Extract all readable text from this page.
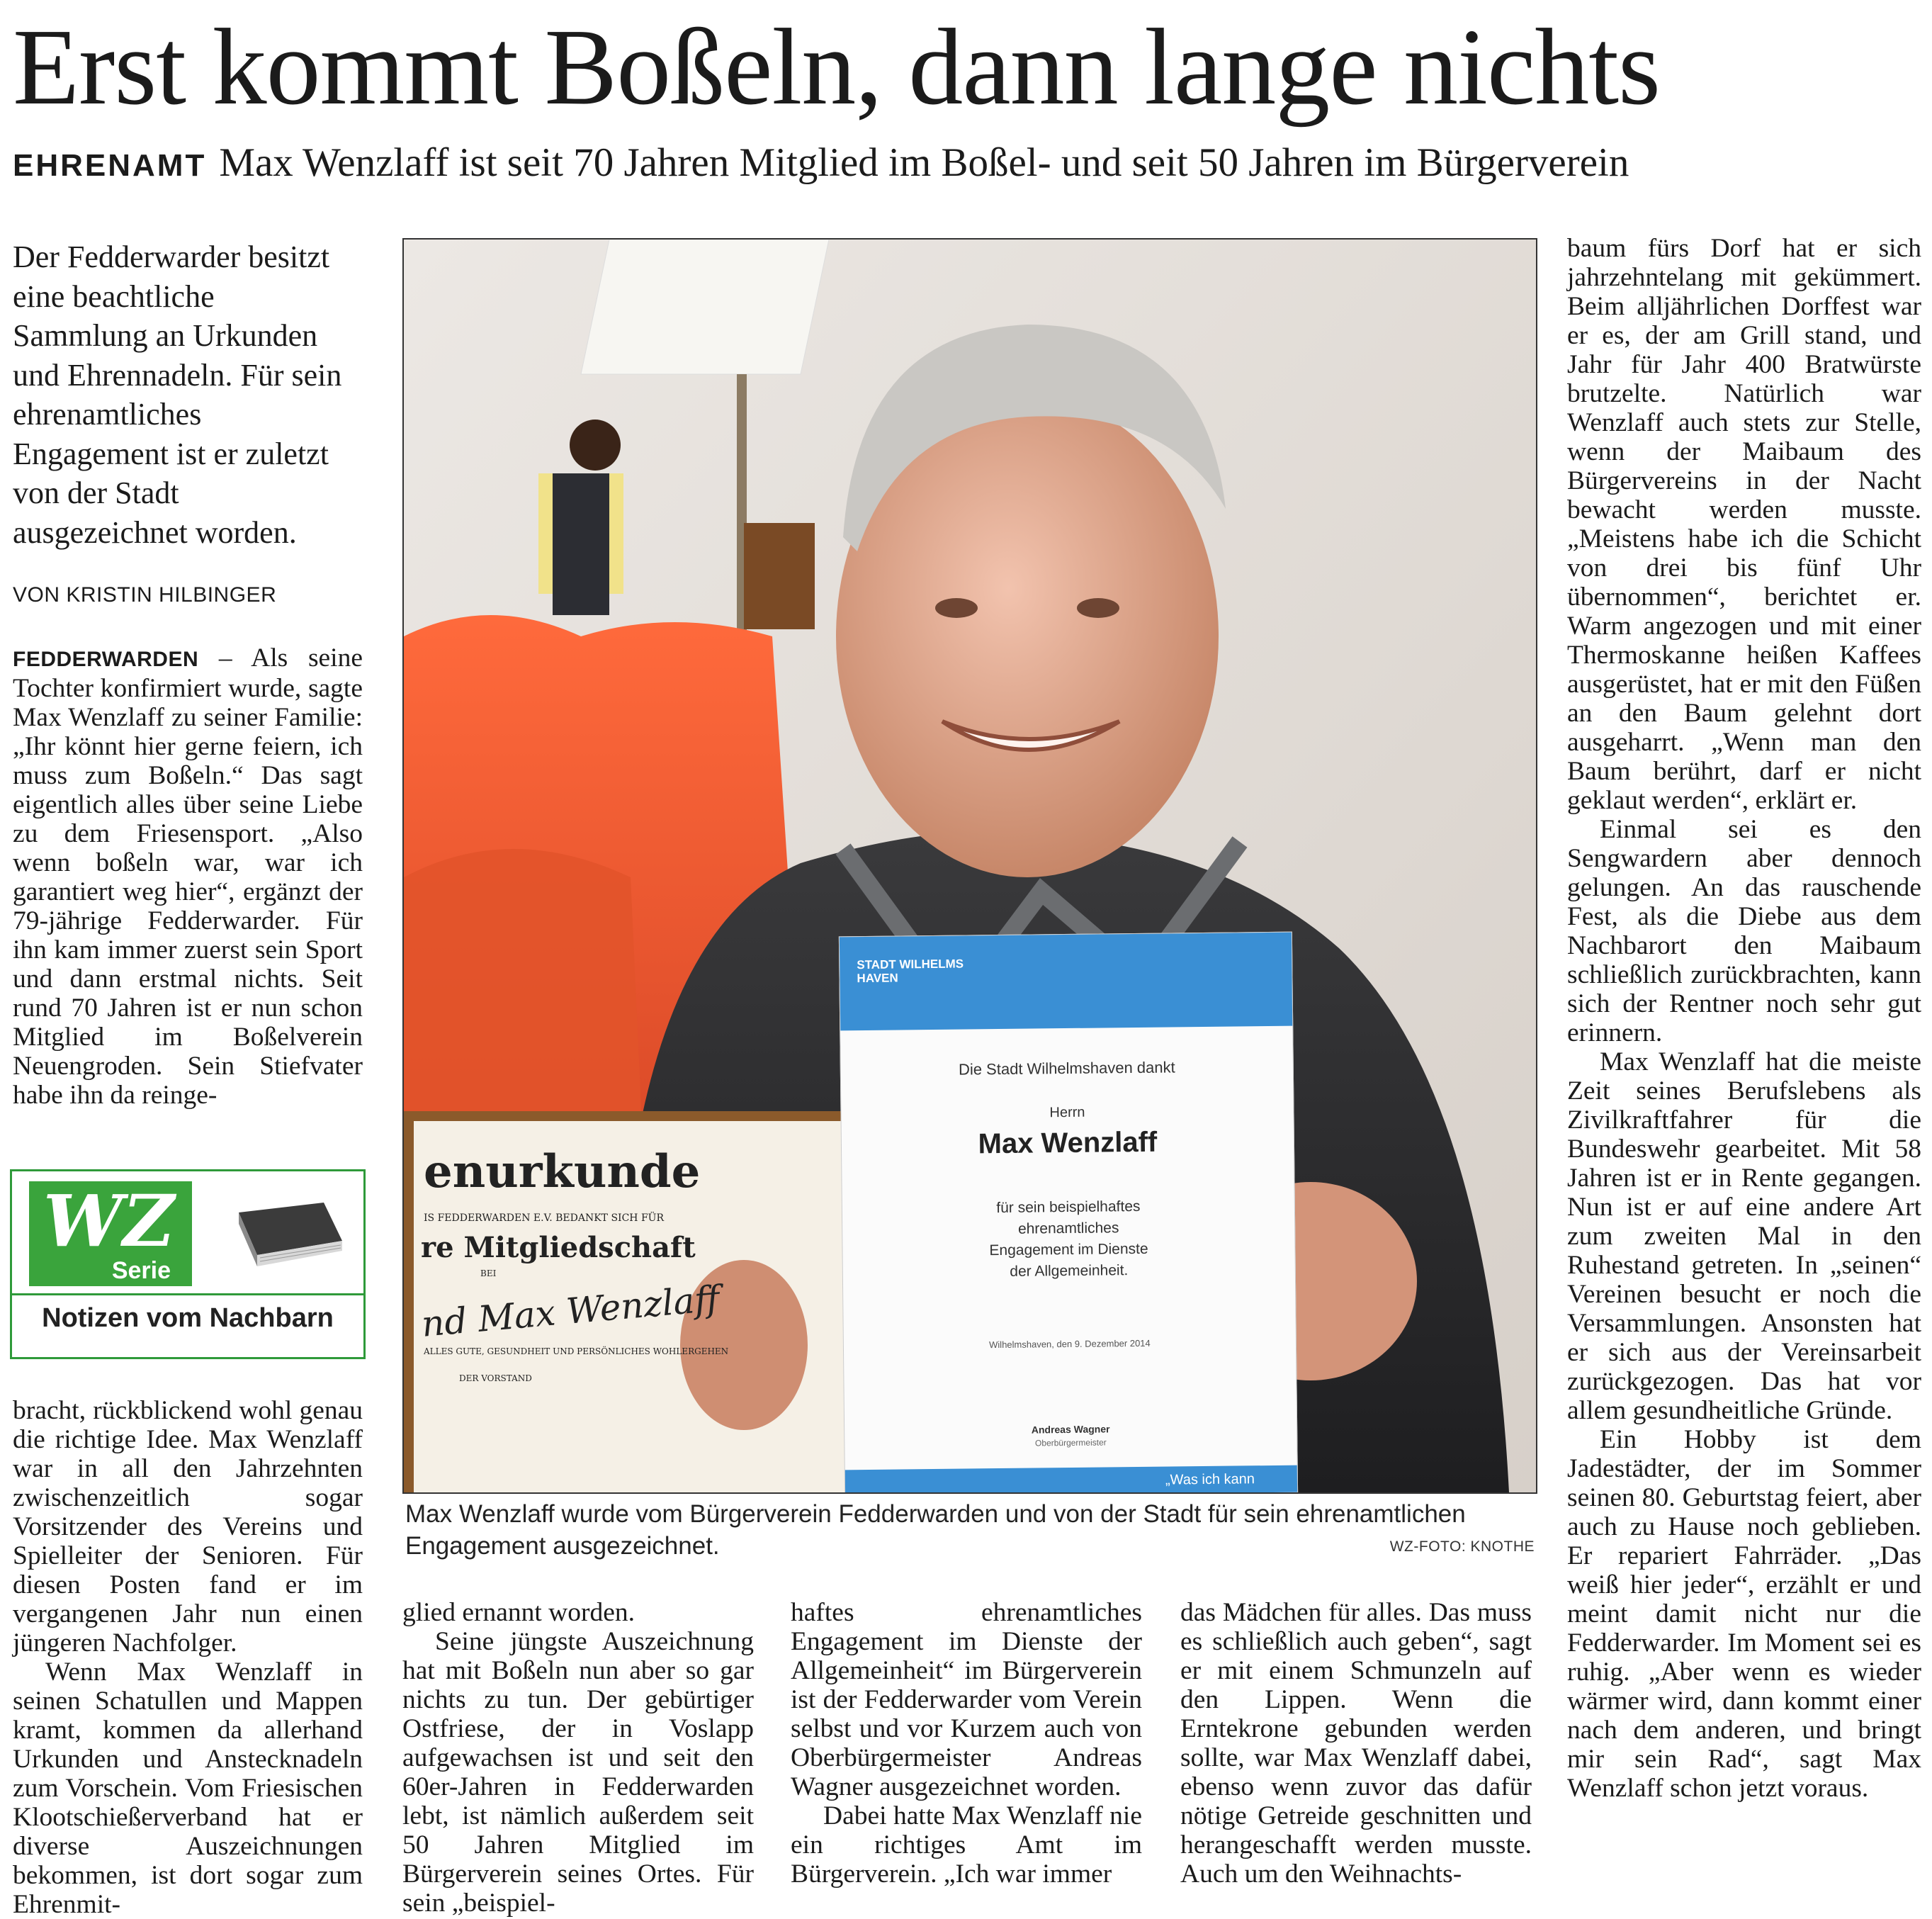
Erst kommt Boßeln, dann lange nichts
EHRENAMT Max Wenzlaff ist seit 70 Jahren Mitglied im Boßel- und seit 50 Jahren im Bürgerverein
Der Fedderwarder besitzt eine beachtliche Sammlung an Urkunden und Ehrennadeln. Für sein ehrenamtliches Engagement ist er zuletzt von der Stadt ausgezeichnet worden.
VON KRISTIN HILBINGER

FEDDERWARDEN – Als seine Tochter konfirmiert wurde, sagte Max Wenzlaff zu seiner Familie: „Ihr könnt hier gerne feiern, ich muss zum Boßeln.“ Das sagt eigentlich alles über seine Liebe zu dem Friesensport. „Also wenn boßeln war, war ich garantiert weg hier“, ergänzt der 79-jährige Fedderwarder. Für ihn kam immer zuerst sein Sport und dann erstmal nichts. Seit rund 70 Jahren ist er nun schon Mitglied im Boßelverein Neuengroden. Sein Stiefvater habe ihn da reinge-

WZ
Serie
Notizen vom Nachbarn

bracht, rückblickend wohl genau die richtige Idee. Max Wenzlaff war in all den Jahrzehnten zwischenzeitlich sogar Vorsitzender des Vereins und Spielleiter der Senioren. Für diesen Posten fand er im vergangenen Jahr nun einen jüngeren Nachfolger.

Wenn Max Wenzlaff in seinen Schatullen und Mappen kramt, kommen da allerhand Urkunden und Anstecknadeln zum Vorschein. Vom Friesischen Klootschießerverband hat er diverse Auszeichnungen bekommen, ist dort sogar zum Ehrenmit-

enurkunde
IS FEDDERWARDEN E.V. BEDANKT SICH FÜR
re Mitgliedschaft
BEI
nd Max Wenzlaff
ALLES GUTE, GESUNDHEIT UND PERSÖNLICHES WOHLERGEHEN
DER VORSTAND
STADT WILHELMS HAVEN
Die Stadt Wilhelmshaven dankt
Herrn
Max Wenzlaff
für sein beispielhaftes
ehrenamtliches
Engagement im Dienste
der Allgemeinheit.
Wilhelmshaven, den 9. Dezember 2014
Andreas Wagner
Oberbürgermeister
„Was ich kann
Max Wenzlaff wurde vom Bürgerverein Fedderwarden und von der Stadt für sein ehrenamtlichen Engagement ausgezeichnet.	WZ-FOTO: KNOTHE

glied ernannt worden.

Seine jüngste Auszeichnung hat mit Boßeln nun aber so gar nichts zu tun. Der gebürtiger Ostfriese, der in Voslapp aufgewachsen ist und seit den 60er-Jahren in Fedderwarden lebt, ist nämlich außerdem seit 50 Jahren Mitglied im Bürgerverein seines Ortes. Für sein „beispiel-

haftes ehrenamtliches Engagement im Dienste der Allgemeinheit“ im Bürgerverein ist der Fedderwarder vom Verein selbst und vor Kurzem auch von Oberbürgermeister Andreas Wagner ausgezeichnet worden.

Dabei hatte Max Wenzlaff nie ein richtiges Amt im Bürgerverein. „Ich war immer

das Mädchen für alles. Das muss es schließlich auch geben“, sagt er mit einem Schmunzeln auf den Lippen. Wenn die Erntekrone gebunden werden sollte, war Max Wenzlaff dabei, ebenso wenn zuvor das dafür nötige Getreide geschnitten und herangeschafft werden musste. Auch um den Weihnachts-

baum fürs Dorf hat er sich jahrzehntelang mit gekümmert. Beim alljährlichen Dorffest war er es, der am Grill stand, und Jahr für Jahr 400 Bratwürste brutzelte. Natürlich war Wenzlaff auch stets zur Stelle, wenn der Maibaum des Bürgervereins in der Nacht bewacht werden musste. „Meistens habe ich die Schicht von drei bis fünf Uhr übernommen“, berichtet er. Warm angezogen und mit einer Thermoskanne heißen Kaffees ausgerüstet, hat er mit den Füßen an den Baum gelehnt dort ausgeharrt. „Wenn man den Baum berührt, darf er nicht geklaut werden“, erklärt er.

Einmal sei es den Sengwardern aber dennoch gelungen. An das rauschende Fest, als die Diebe aus dem Nachbarort den Maibaum schließlich zurückbrachten, kann sich der Rentner noch sehr gut erinnern.

Max Wenzlaff hat die meiste Zeit seines Berufslebens als Zivilkraftfahrer für die Bundeswehr gearbeitet. Mit 58 Jahren ist er in Rente gegangen. Nun ist er auf eine andere Art zum zweiten Mal in den Ruhestand getreten. In „seinen“ Vereinen besucht er noch die Versammlungen. Ansonsten hat er sich aus der Vereinsarbeit zurückgezogen. Das hat vor allem gesundheitliche Gründe.

Ein Hobby ist dem Jadestädter, der im Sommer seinen 80. Geburtstag feiert, aber auch zu Hause noch geblieben. Er repariert Fahrräder. „Das weiß hier jeder“, erzählt er und meint damit nicht nur die Fedderwarder. Im Moment sei es ruhig. „Aber wenn es wieder wärmer wird, dann kommt einer nach dem anderen, und bringt mir sein Rad“, sagt Max Wenzlaff schon jetzt voraus.
